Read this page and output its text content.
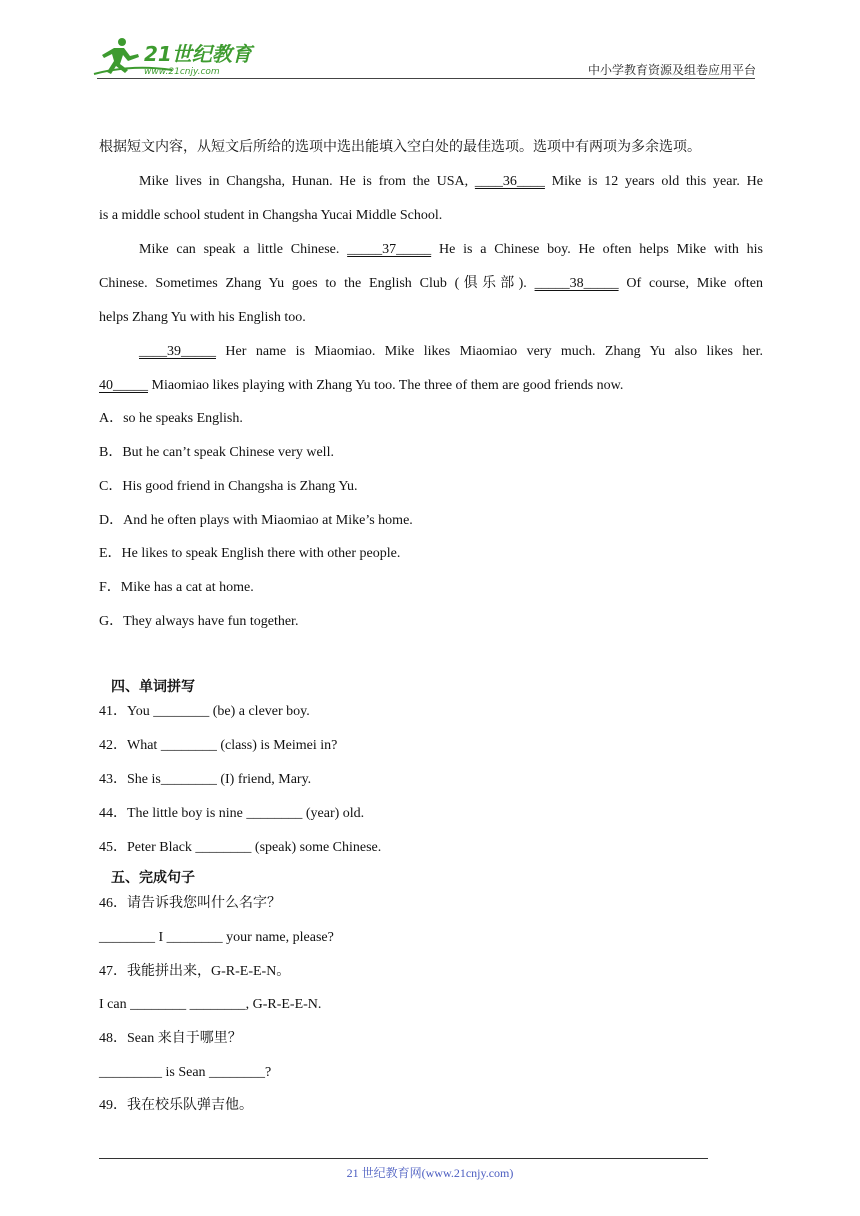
21世纪教育
www.21cnjy.com	中小学教育资源及组卷应用平台
根据短文内容，从短文后所给的选项中选出能填入空白处的最佳选项。选项中有两项为多余选项。
Mike lives in Changsha, Hunan. He is from the USA, ____36____ Mike is 12 years old this year. He
is a middle school student in Changsha Yucai Middle School.
Mike can speak a little Chinese. _____37_____ He is a Chinese boy. He often helps Mike with his
Chinese. Sometimes Zhang Yu goes to the English Club (俱乐部). _____38_____ Of course, Mike often
helps Zhang Yu with his English too.
____39_____ Her name is Miaomiao. Mike likes Miaomiao very much. Zhang Yu also likes her.
40_____ Miaomiao likes playing with Zhang Yu too. The three of them are good friends now.
A．so he speaks English.
B．But he can’t speak Chinese very well.
C．His good friend in Changsha is Zhang Yu.
D．And he often plays with Miaomiao at Mike’s home.
E．He likes to speak English there with other people.
F．Mike has a cat at home.
G．They always have fun together.
四、单词拼写
41．You ________ (be) a clever boy.
42．What ________ (class) is Meimei in?
43．She is________ (I) friend, Mary.
44．The little boy is nine ________ (year) old.
45．Peter Black ________ (speak) some Chinese.
五、完成句子
46．请告诉我您叫什么名字？
________ I ________ your name, please?
47．我能拼出来，G-R-E-E-N。
I can ________ ________, G-R-E-E-N.
48．Sean 来自于哪里？
_________ is Sean ________?
49．我在校乐队弹吉他。
21 世纪教育网(www.21cnjy.com)
